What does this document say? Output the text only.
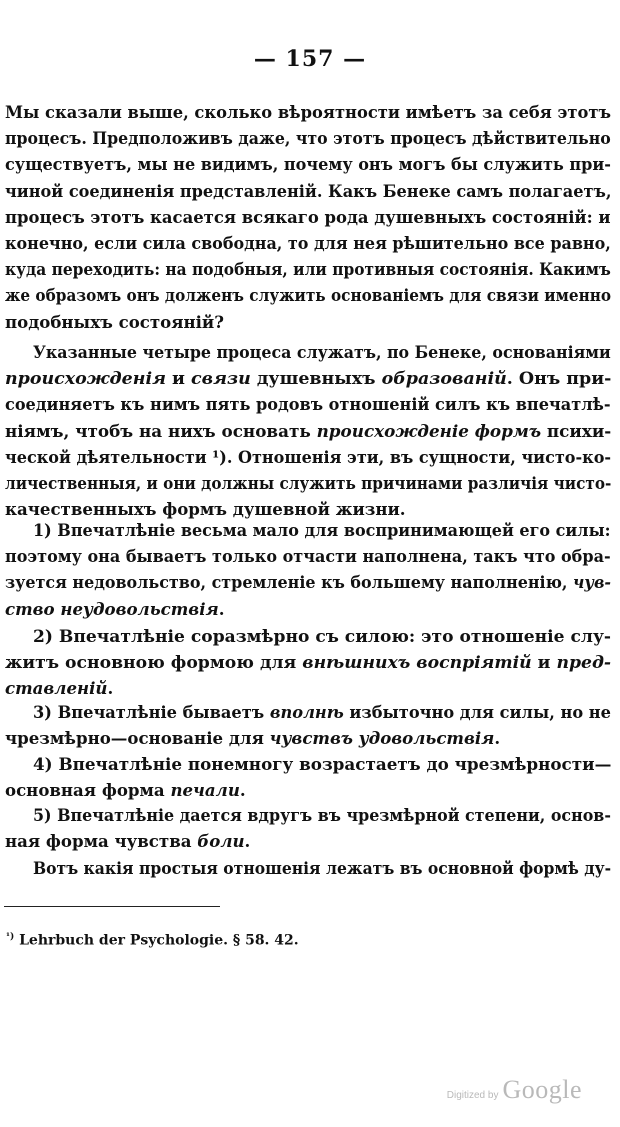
— 157 —
Мы сказали выше, сколько вѣроятности имѣетъ за себя этотъ
процесъ. Предположивъ даже, что этотъ процесъ дѣйствительно
существуетъ, мы не видимъ, почему онъ могъ бы служить при-
чиной соединенія представленій. Какъ Бенеке самъ полагаетъ,
процесъ этотъ касается всякаго рода душевныхъ состояній: и
конечно, если сила свободна, то для нея рѣшительно все равно,
куда переходить: на подобныя, или противныя состоянія. Какимъ
же образомъ онъ долженъ служить основаніемъ для связи именно
подобныхъ состояній?
Указанные четыре процеса служатъ, по Бенеке, основаніями
происхожденія и связи душевныхъ образованій. Онъ при-
соединяетъ къ нимъ пять родовъ отношеній силъ къ впечатлѣ-
ніямъ, чтобъ на нихъ основать происхожденіе формъ психи-
ческой дѣятельности ¹). Отношенія эти, въ сущности, чисто-ко-
личественныя, и они должны служить причинами различія чисто-
качественныхъ формъ душевной жизни.
1) Впечатлѣніе весьма мало для воспринимающей его силы:
поэтому она бываетъ только отчасти наполнена, такъ что обра-
зуется недовольство, стремленіе къ большему наполненію, чув-
ство неудовольствія.
2) Впечатлѣніе соразмѣрно съ силою: это отношеніе слу-
житъ основною формою для внѣшнихъ воспріятій и пред-
ставленій.
3) Впечатлѣніе бываетъ вполнѣ избыточно для силы, но не
чрезмѣрно—основаніе для чувствъ удовольствія.
4) Впечатлѣніе понемногу возрастаетъ до чрезмѣрности—
основная форма печали.
5) Впечатлѣніе дается вдругъ въ чрезмѣрной степени, основ-
ная форма чувства боли.
Вотъ какія простыя отношенія лежатъ въ основной формѣ ду-
$^{^1)}$ Lehrbuch der Psychologie. § 58. 42.
Digitized by Google
